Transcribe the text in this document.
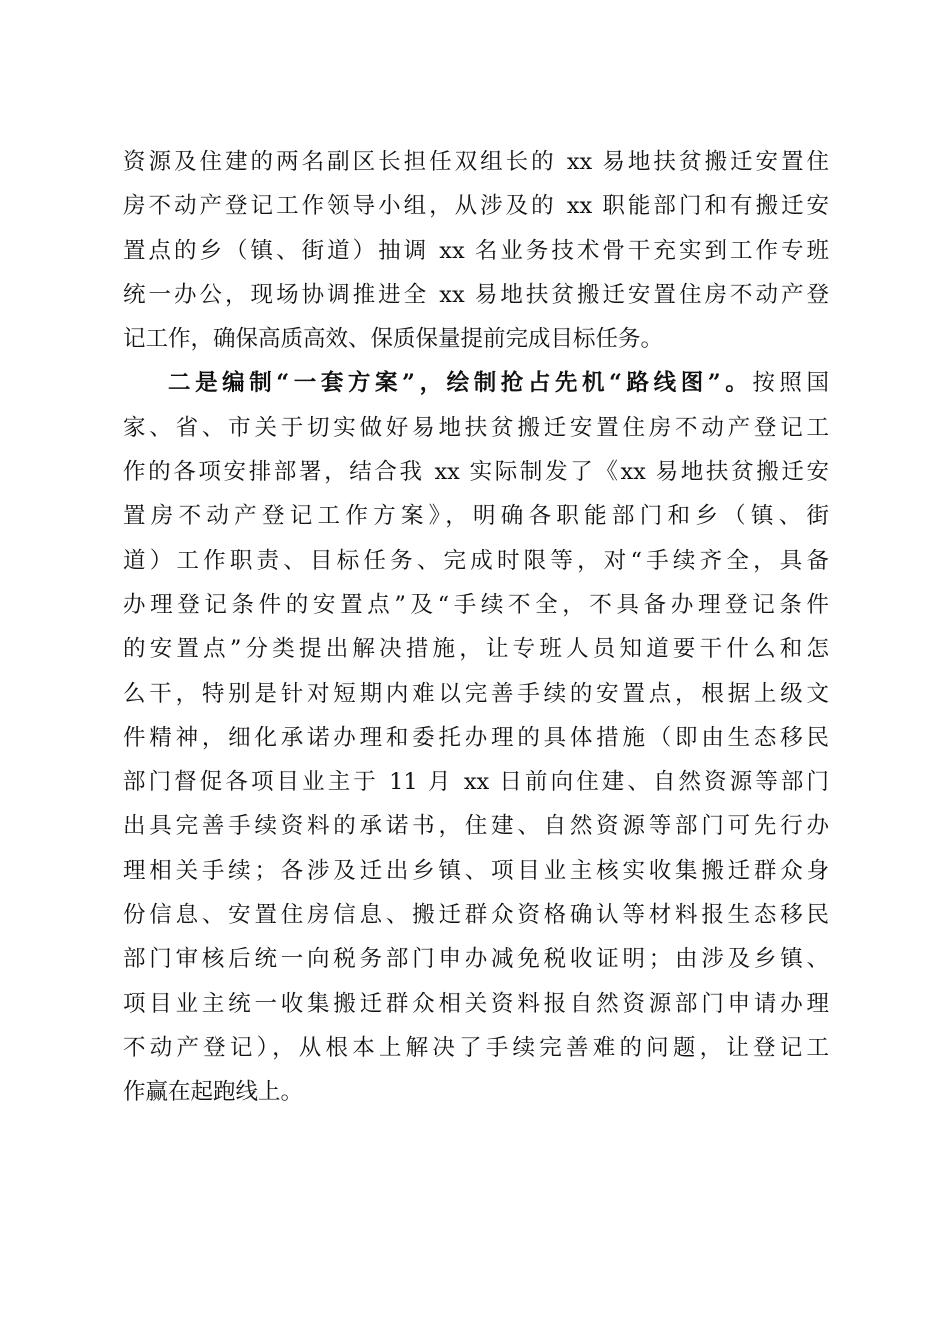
资源及住建的两名副区长担任双组长的 xx 易地扶贫搬迁安置住
房不动产登记工作领导小组，从涉及的 xx 职能部门和有搬迁安
置点的乡（镇、街道）抽调 xx 名业务技术骨干充实到工作专班
统一办公，现场协调推进全 xx 易地扶贫搬迁安置住房不动产登
记工作，确保高质高效、保质保量提前完成目标任务。
二是编制“一套方案”，绘制抢占先机“路线图”。按照国
家、省、市关于切实做好易地扶贫搬迁安置住房不动产登记工
作的各项安排部署，结合我 xx 实际制发了《xx 易地扶贫搬迁安
置房不动产登记工作方案》，明确各职能部门和乡（镇、街
道）工作职责、目标任务、完成时限等，对“手续齐全，具备
办理登记条件的安置点”及“手续不全，不具备办理登记条件
的安置点”分类提出解决措施，让专班人员知道要干什么和怎
么干，特别是针对短期内难以完善手续的安置点，根据上级文
件精神，细化承诺办理和委托办理的具体措施（即由生态移民
部门督促各项目业主于 11 月 xx 日前向住建、自然资源等部门
出具完善手续资料的承诺书，住建、自然资源等部门可先行办
理相关手续；各涉及迁出乡镇、项目业主核实收集搬迁群众身
份信息、安置住房信息、搬迁群众资格确认等材料报生态移民
部门审核后统一向税务部门申办减免税收证明；由涉及乡镇、
项目业主统一收集搬迁群众相关资料报自然资源部门申请办理
不动产登记），从根本上解决了手续完善难的问题，让登记工
作赢在起跑线上。
